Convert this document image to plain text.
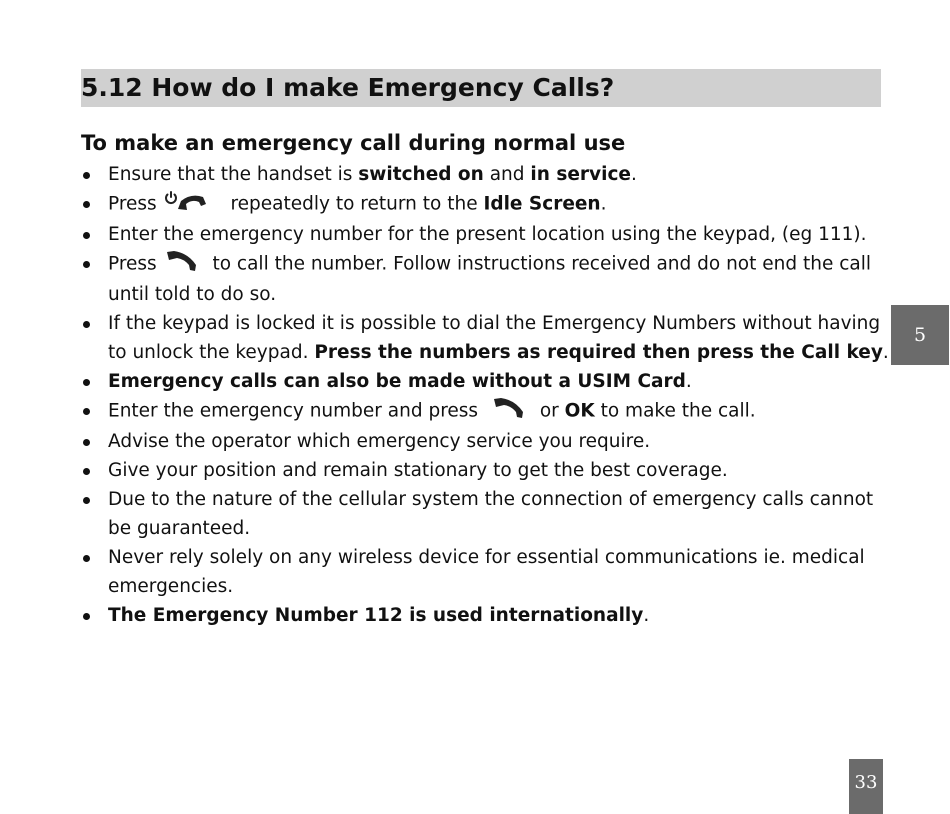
5.12 How do I make Emergency Calls?
To make an emergency call during normal use
Ensure that the handset is switched on and in service.
Press	repeatedly to return to the Idle Screen.
Enter the emergency number for the present location using the keypad, (eg 111).
Press	to call the number. Follow instructions received and do not end the call until told to do so.
If the keypad is locked it is possible to dial the Emergency Numbers without having to unlock the keypad. Press the numbers as required then press the Call key.
Emergency calls can also be made without a USIM Card.
Enter the emergency number and press	or OK to make the call.
Advise the operator which emergency service you require.
Give your position and remain stationary to get the best coverage.
Due to the nature of the cellular system the connection of emergency calls cannot be guaranteed.
Never rely solely on any wireless device for essential communications ie. medical emergencies.
The Emergency Number 112 is used internationally.
5
33
